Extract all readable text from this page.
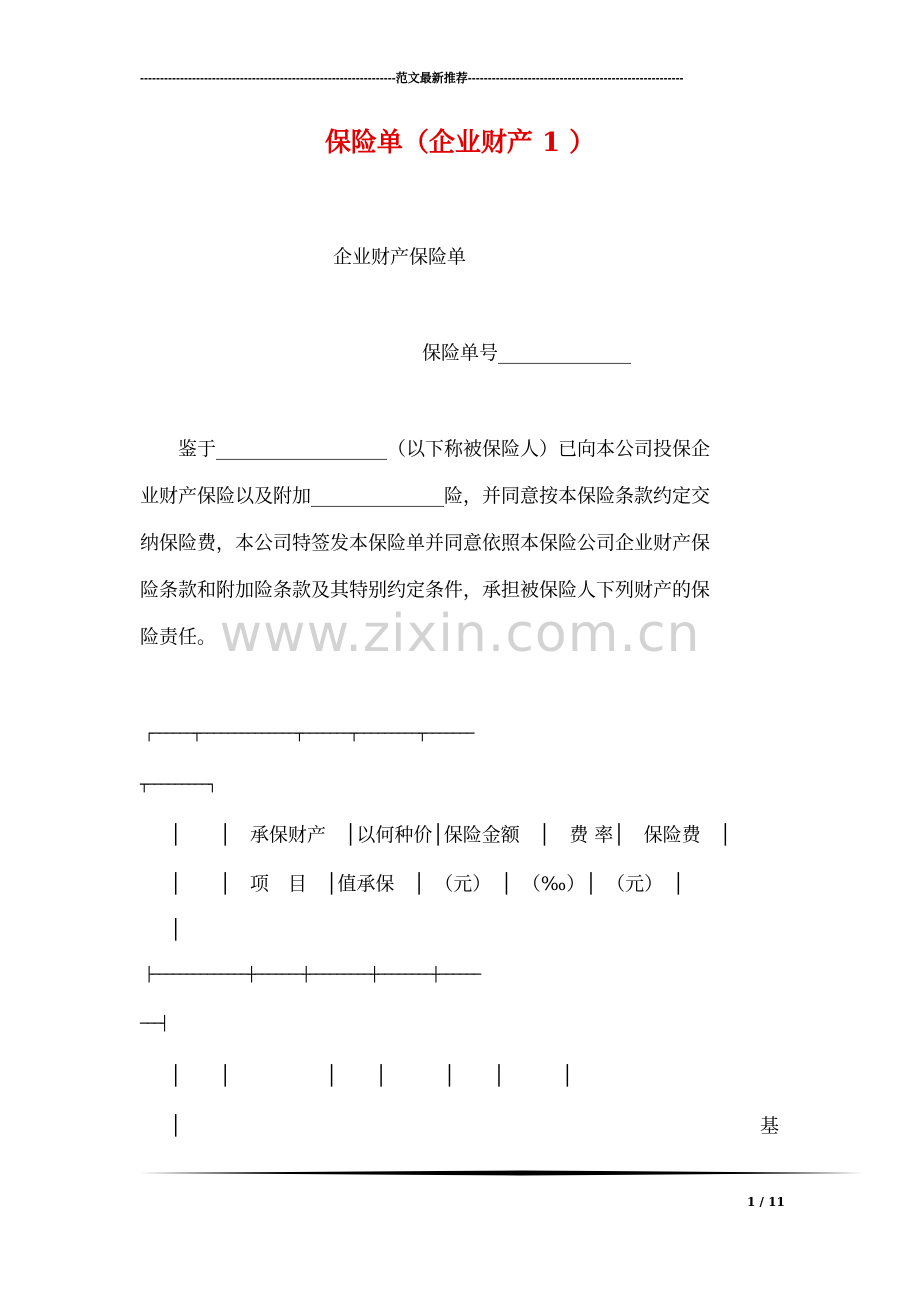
----------------------------------------------------------------范文最新推荐------------------------------------------------------
保险单（企业财产 1 ）
企业财产保险单
保险单号______________
　　鉴于__________________（以下称被保险人）已向本公司投保企
业财产保险以及附加______________险，并同意按本保险条款约定交
纳保险费，本公司特签发本保险单并同意依照本保险公司企业财产保
险条款和附加险条款及其特别约定条件，承担被保险人下列财产的保
险责任。 www.zixin.com.cn
┌──────┬──────────────┬───────┬─────────┬───────
┬─────────┐
│　　│　承保财产　│以何种价│保险金额　│　费 率│　保险费　│
│　　│　项　目　│值承保　│　（元）　│　（‰）│　（元）　│
│
├──────────────┼───────┼─────────┼────────┼──────
───┤
│　　│　　　　　│　　│　　　│　　│　　　│
│	基
1 / 11
